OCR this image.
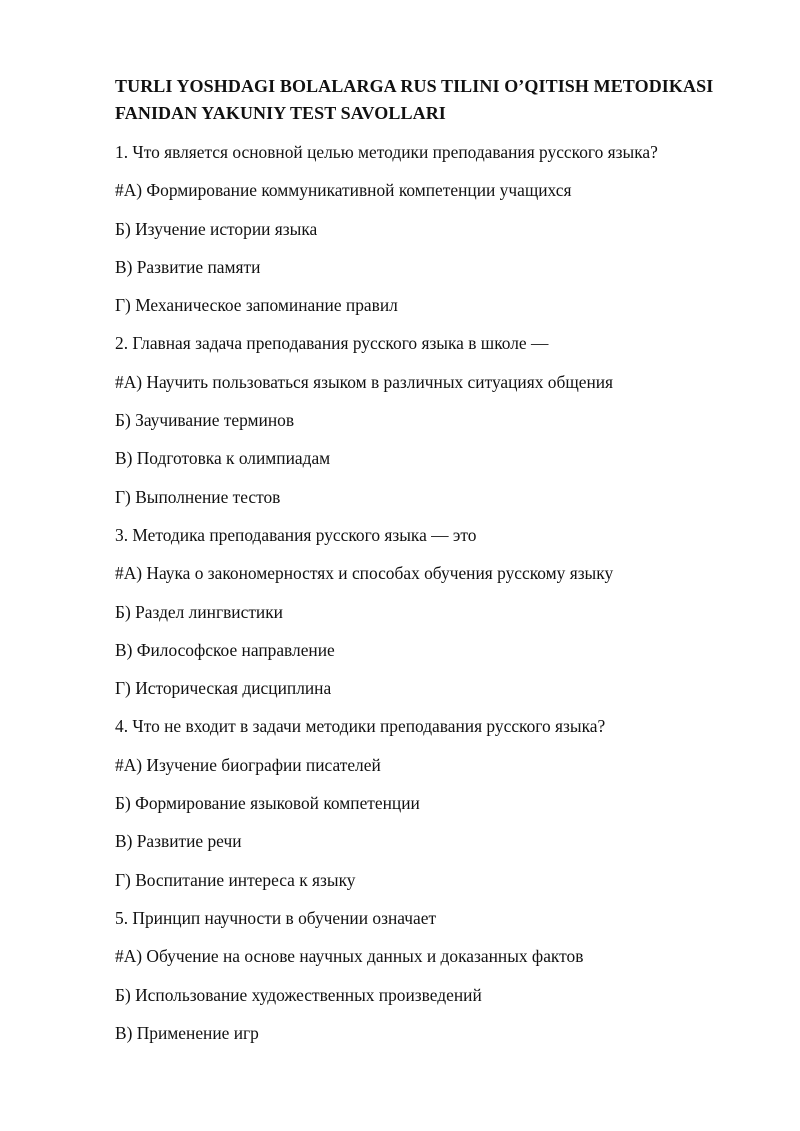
TURLI YOSHDAGI BOLALARGA RUS TILINI O’QITISH METODIKASI
FANIDAN YAKUNIY TEST SAVOLLARI
1. Что является основной целью методики преподавания русского языка?
#А) Формирование коммуникативной компетенции учащихся
Б) Изучение истории языка
В) Развитие памяти
Г) Механическое запоминание правил
2. Главная задача преподавания русского языка в школе —
#А) Научить пользоваться языком в различных ситуациях общения
Б) Заучивание терминов
В) Подготовка к олимпиадам
Г) Выполнение тестов
3. Методика преподавания русского языка — это
#А) Наука о закономерностях и способах обучения русскому языку
Б) Раздел лингвистики
В) Философское направление
Г) Историческая дисциплина
4. Что не входит в задачи методики преподавания русского языка?
#А) Изучение биографии писателей
Б) Формирование языковой компетенции
В) Развитие речи
Г) Воспитание интереса к языку
5. Принцип научности в обучении означает
#А) Обучение на основе научных данных и доказанных фактов
Б) Использование художественных произведений
В) Применение игр
